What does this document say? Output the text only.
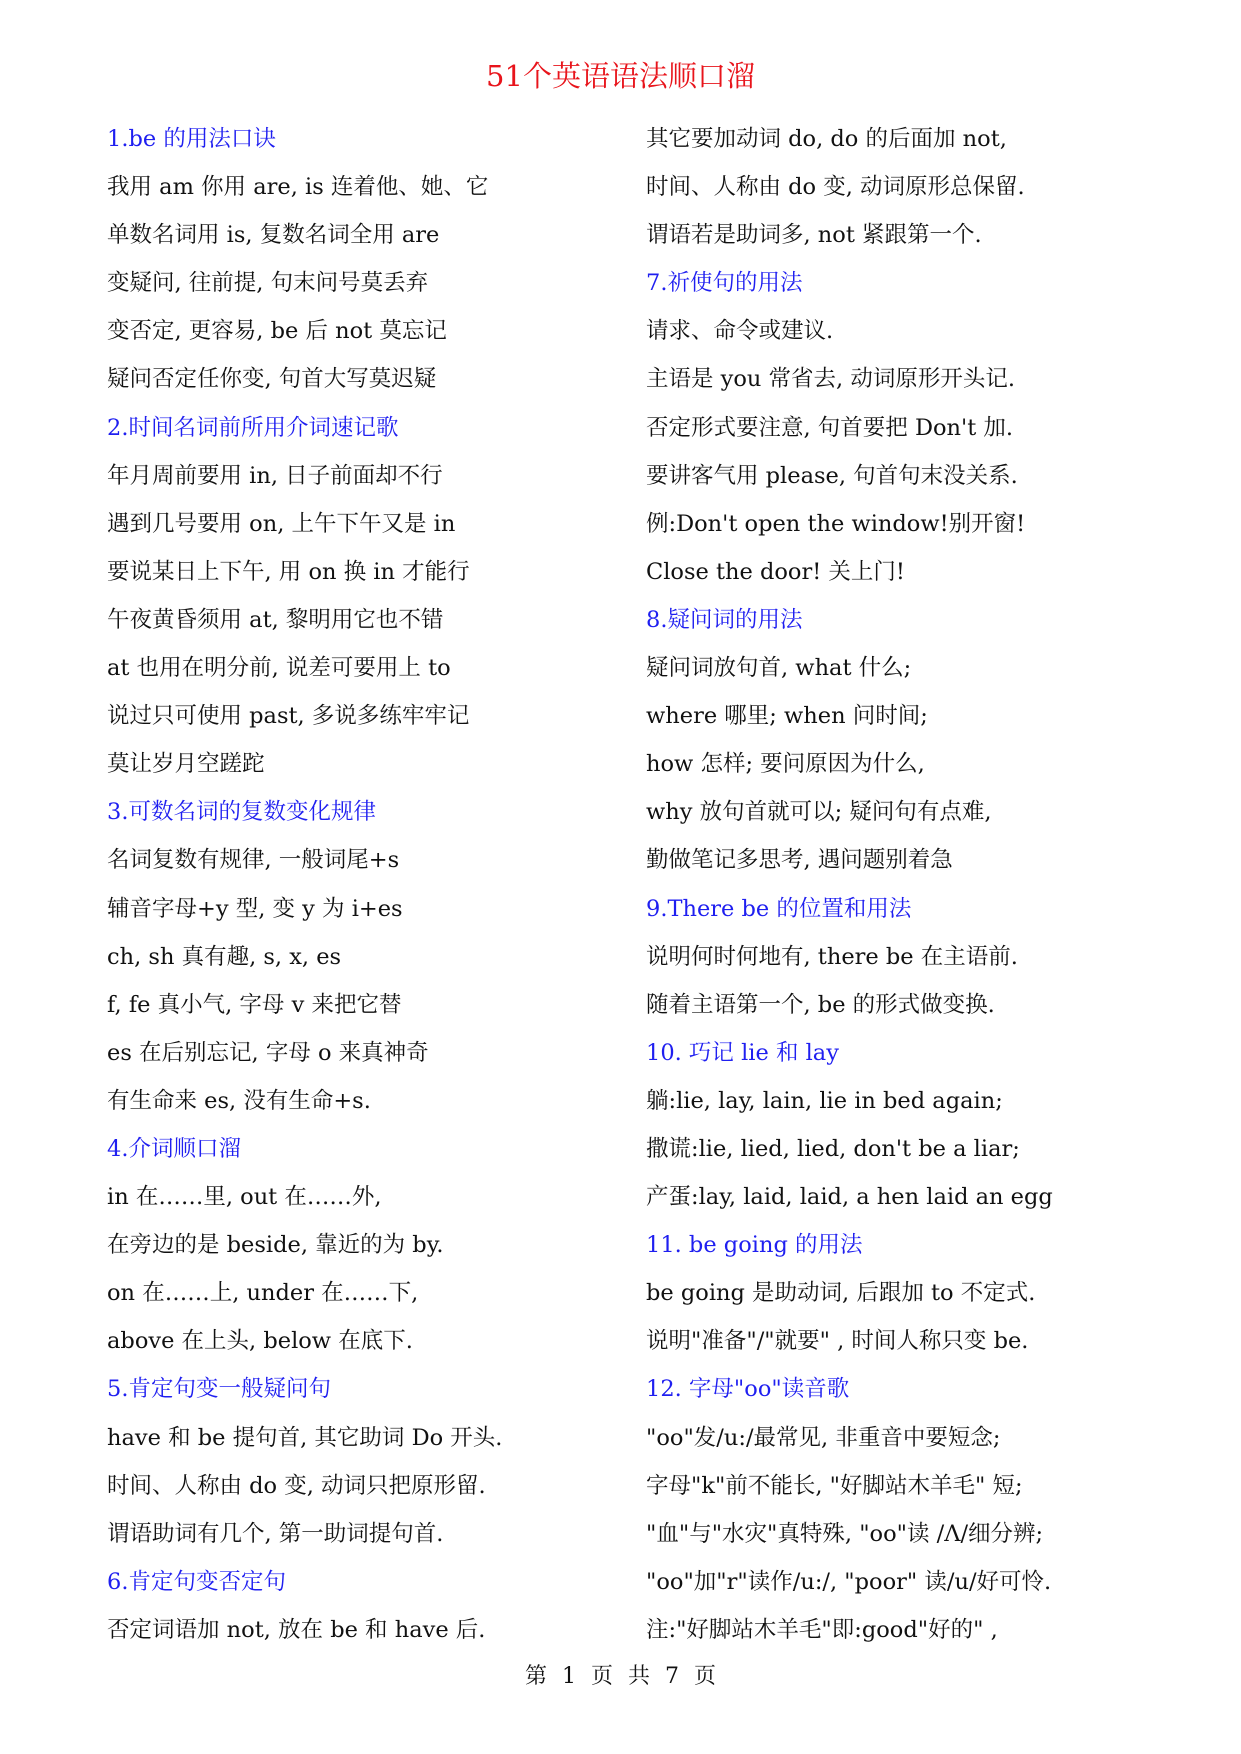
51个英语语法顺口溜
1.be 的用法口诀
我用 am 你用 are, is 连着他、她、它
单数名词用 is, 复数名词全用 are
变疑问, 往前提, 句末问号莫丢弃
变否定, 更容易, be 后 not 莫忘记
疑问否定任你变, 句首大写莫迟疑
2.时间名词前所用介词速记歌
年月周前要用 in, 日子前面却不行
遇到几号要用 on, 上午下午又是 in
要说某日上下午, 用 on 换 in 才能行
午夜黄昏须用 at, 黎明用它也不错
at 也用在明分前, 说差可要用上 to
说过只可使用 past, 多说多练牢牢记
莫让岁月空蹉跎
3.可数名词的复数变化规律
名词复数有规律, 一般词尾+s
辅音字母+y 型, 变 y 为 i+es
ch, sh 真有趣, s, x, es
f, fe 真小气, 字母 v 来把它替
es 在后别忘记, 字母 o 来真神奇
有生命来 es, 没有生命+s.
4.介词顺口溜
in 在……里, out 在……外,
在旁边的是 beside, 靠近的为 by.
on 在……上, under 在……下,
above 在上头, below 在底下.
5.肯定句变一般疑问句
have 和 be 提句首, 其它助词 Do 开头.
时间、人称由 do 变, 动词只把原形留.
谓语助词有几个, 第一助词提句首.
6.肯定句变否定句
否定词语加 not, 放在 be 和 have 后.
其它要加动词 do, do 的后面加 not,
时间、人称由 do 变, 动词原形总保留.
谓语若是助词多, not 紧跟第一个.
7.祈使句的用法
请求、命令或建议.
主语是 you 常省去, 动词原形开头记.
否定形式要注意, 句首要把 Don't 加.
要讲客气用 please, 句首句末没关系.
例:Don't open the window!别开窗!
Close the door! 关上门!
8.疑问词的用法
疑问词放句首, what 什么;
where 哪里; when 问时间;
how 怎样; 要问原因为什么,
why 放句首就可以; 疑问句有点难,
勤做笔记多思考, 遇问题别着急
9.There be 的位置和用法
说明何时何地有, there be 在主语前.
随着主语第一个, be 的形式做变换.
10. 巧记 lie 和 lay
躺:lie, lay, lain, lie in bed again;
撒谎:lie, lied, lied, don't be a liar;
产蛋:lay, laid, laid, a hen laid an egg
11. be going 的用法
be going 是助动词, 后跟加 to 不定式.
说明"准备"/"就要" , 时间人称只变 be.
12. 字母"oo"读音歌
"oo"发/u:/最常见, 非重音中要短念;
字母"k"前不能长, "好脚站木羊毛" 短;
"血"与"水灾"真特殊, "oo"读 /Λ/细分辨;
"oo"加"r"读作/u:/, "poor" 读/u/好可怜.
注:"好脚站木羊毛"即:good"好的" ,
第 1 页 共 7 页
